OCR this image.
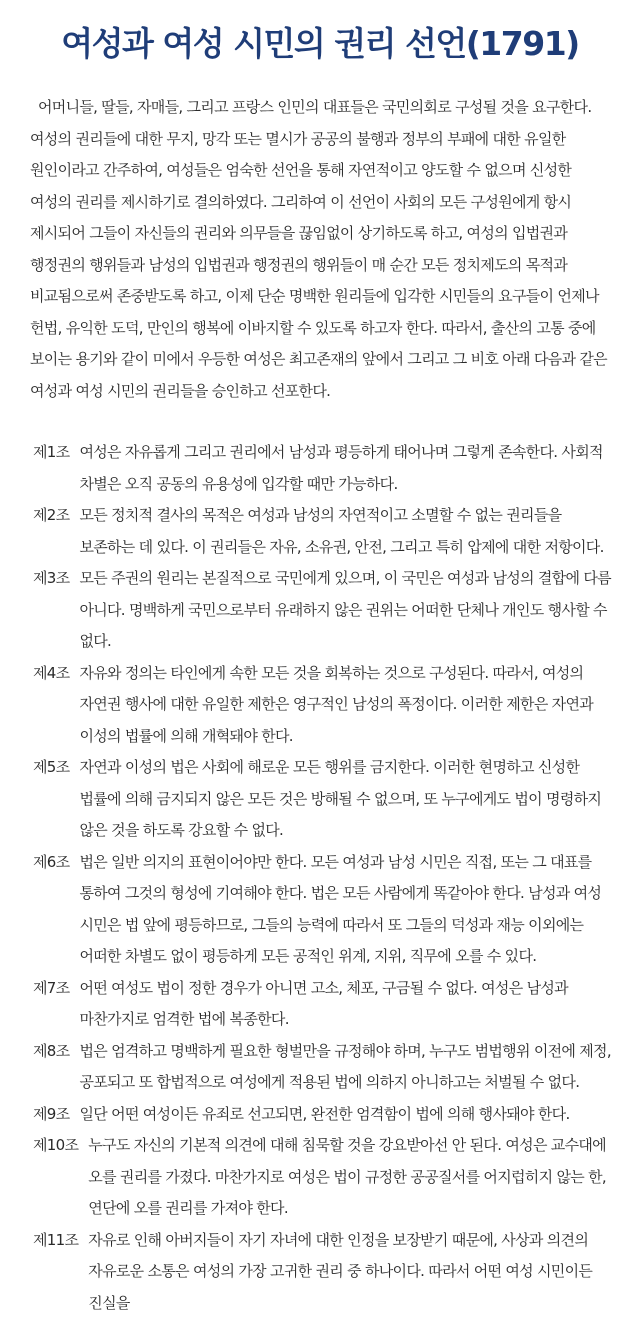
여성과 여성 시민의 권리 선언(1791)

어머니들, 딸들, 자매들, 그리고 프랑스 인민의 대표들은 국민의회로 구성될 것을 요구한다. 여성의 권리들에 대한 무지, 망각 또는 멸시가 공공의 불행과 정부의 부패에 대한 유일한 원인이라고 간주하여, 여성들은 엄숙한 선언을 통해 자연적이고 양도할 수 없으며 신성한 여성의 권리를 제시하기로 결의하였다. 그리하여 이 선언이 사회의 모든 구성원에게 항시 제시되어 그들이 자신들의 권리와 의무들을 끊임없이 상기하도록 하고, 여성의 입법권과 행정권의 행위들과 남성의 입법권과 행정권의 행위들이 매 순간 모든 정치제도의 목적과 비교됨으로써 존중받도록 하고, 이제 단순 명백한 원리들에 입각한 시민들의 요구들이 언제나 헌법, 유익한 도덕, 만인의 행복에 이바지할 수 있도록 하고자 한다. 따라서, 출산의 고통 중에 보이는 용기와 같이 미에서 우등한 여성은 최고존재의 앞에서 그리고 그 비호 아래 다음과 같은 여성과 여성 시민의 권리들을 승인하고 선포한다.

제1조 여성은 자유롭게 그리고 권리에서 남성과 평등하게 태어나며 그렇게 존속한다. 사회적 차별은 오직 공동의 유용성에 입각할 때만 가능하다.
제2조 모든 정치적 결사의 목적은 여성과 남성의 자연적이고 소멸할 수 없는 권리들을 보존하는 데 있다. 이 권리들은 자유, 소유권, 안전, 그리고 특히 압제에 대한 저항이다.
제3조 모든 주권의 원리는 본질적으로 국민에게 있으며, 이 국민은 여성과 남성의 결합에 다름 아니다. 명백하게 국민으로부터 유래하지 않은 권위는 어떠한 단체나 개인도 행사할 수 없다.
제4조 자유와 정의는 타인에게 속한 모든 것을 회복하는 것으로 구성된다. 따라서, 여성의 자연권 행사에 대한 유일한 제한은 영구적인 남성의 폭정이다. 이러한 제한은 자연과 이성의 법률에 의해 개혁돼야 한다.
제5조 자연과 이성의 법은 사회에 해로운 모든 행위를 금지한다. 이러한 현명하고 신성한 법률에 의해 금지되지 않은 모든 것은 방해될 수 없으며, 또 누구에게도 법이 명령하지 않은 것을 하도록 강요할 수 없다.
제6조 법은 일반 의지의 표현이어야만 한다. 모든 여성과 남성 시민은 직접, 또는 그 대표를 통하여 그것의 형성에 기여해야 한다. 법은 모든 사람에게 똑같아야 한다. 남성과 여성 시민은 법 앞에 평등하므로, 그들의 능력에 따라서 또 그들의 덕성과 재능 이외에는 어떠한 차별도 없이 평등하게 모든 공적인 위계, 지위, 직무에 오를 수 있다.
제7조 어떤 여성도 법이 정한 경우가 아니면 고소, 체포, 구금될 수 없다. 여성은 남성과 마찬가지로 엄격한 법에 복종한다.
제8조 법은 엄격하고 명백하게 필요한 형벌만을 규정해야 하며, 누구도 범법행위 이전에 제정, 공포되고 또 합법적으로 여성에게 적용된 법에 의하지 아니하고는 처벌될 수 없다.
제9조 일단 어떤 여성이든 유죄로 선고되면, 완전한 엄격함이 법에 의해 행사돼야 한다.
제10조 누구도 자신의 기본적 의견에 대해 침묵할 것을 강요받아선 안 된다. 여성은 교수대에 오를 권리를 가졌다. 마찬가지로 여성은 법이 규정한 공공질서를 어지럽히지 않는 한, 연단에 오를 권리를 가져야 한다.
제11조 자유로 인해 아버지들이 자기 자녀에 대한 인정을 보장받기 때문에, 사상과 의견의 자유로운 소통은 여성의 가장 고귀한 권리 중 하나이다. 따라서 어떤 여성 시민이든 진실을
